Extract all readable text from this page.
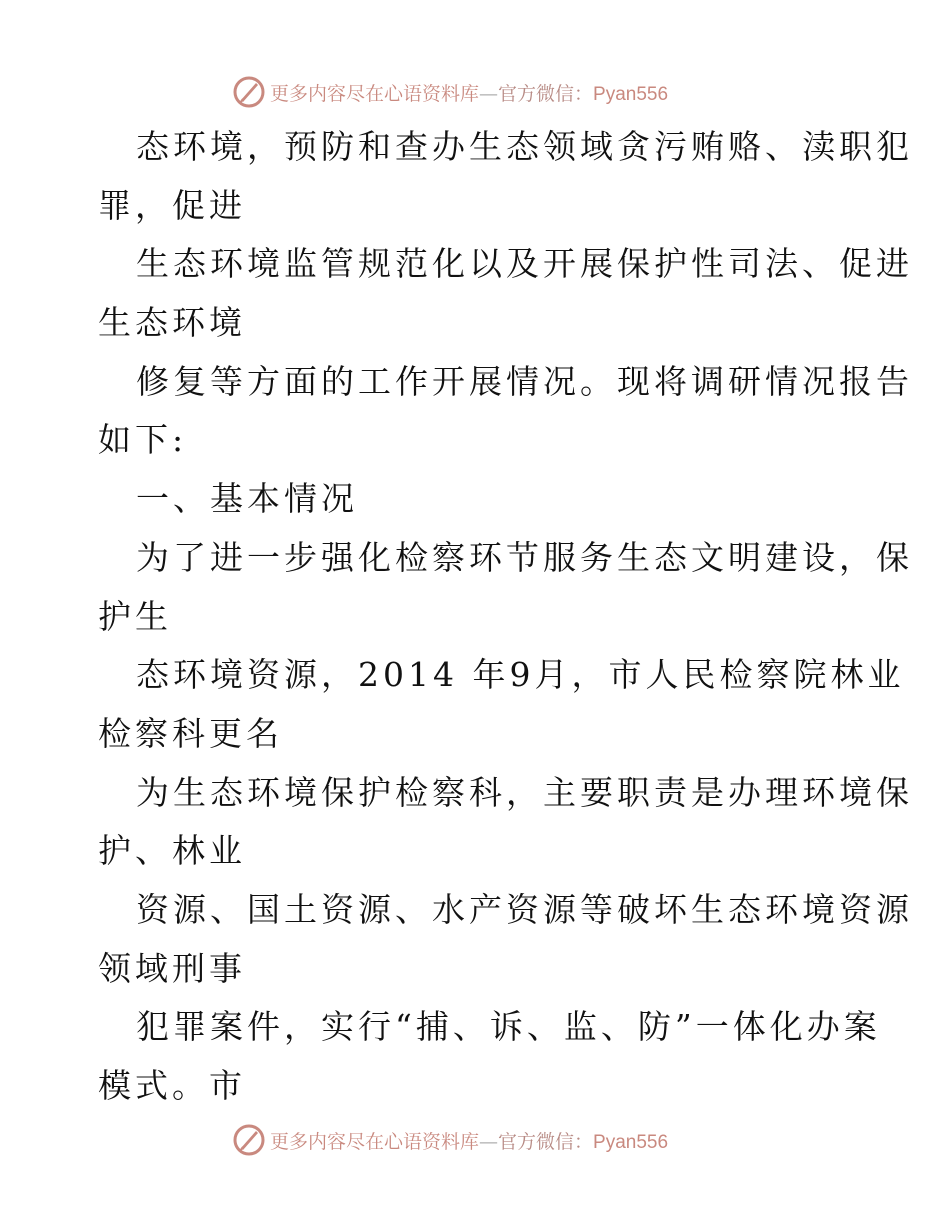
更多内容尽在心语资料库—官方微信：Pyan556
态环境，预防和查办生态领域贪污贿赂、渎职犯
罪，促进
生态环境监管规范化以及开展保护性司法、促进
生态环境
修复等方面的工作开展情况。现将调研情况报告
如下:
一、基本情况
为了进一步强化检察环节服务生态文明建设，保
护生
态环境资源，2014 年9月，市人民检察院林业
检察科更名
为生态环境保护检察科，主要职责是办理环境保
护、林业
资源、国土资源、水产资源等破坏生态环境资源
领域刑事
犯罪案件，实行“捕、诉、监、防”一体化办案
模式。市
更多内容尽在心语资料库—官方微信：Pyan556
